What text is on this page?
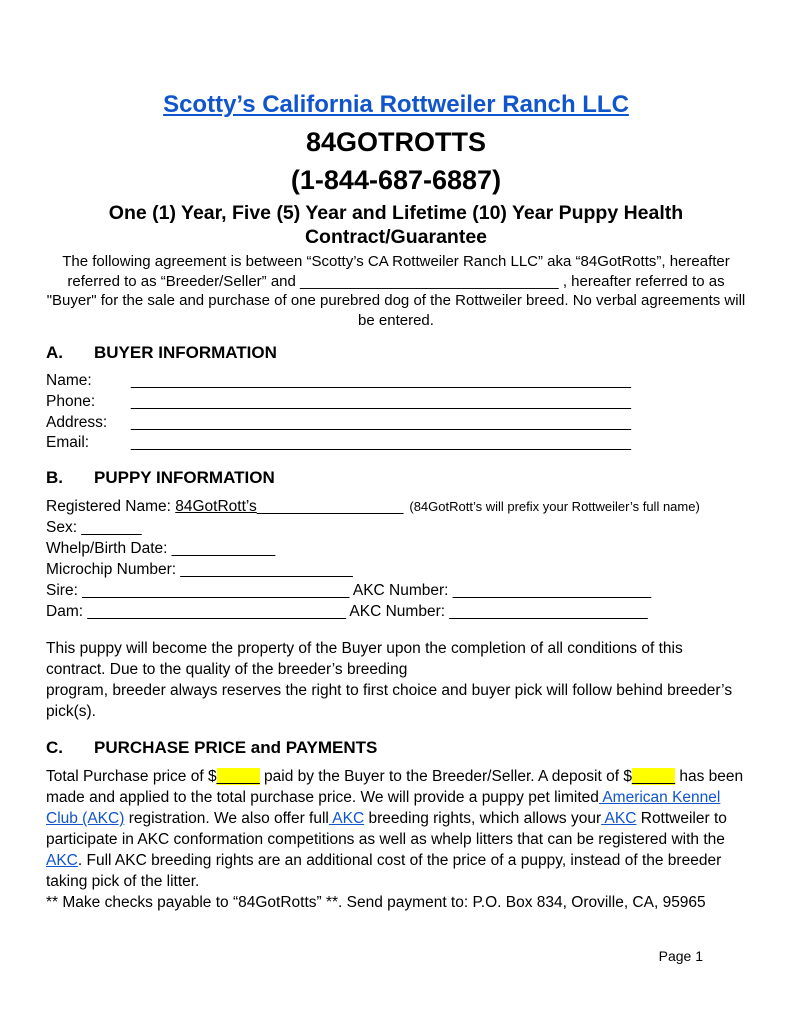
Scotty’s California Rottweiler Ranch LLC
84GOTROTTS
(1-844-687-6887)
One (1) Year, Five (5) Year and Lifetime (10) Year Puppy Health Contract/Guarantee
The following agreement is between “Scotty’s CA Rottweiler Ranch LLC” aka “84GotRotts”, hereafter referred to as “Breeder/Seller” and _______________________________ , hereafter referred to as "Buyer" for the sale and purchase of one purebred dog of the Rottweiler breed. No verbal agreements will be entered.
A.	BUYER INFORMATION
Name:	__________________________________________________________
Phone: __________________________________________________________
Address: __________________________________________________________
Email:	__________________________________________________________
B.	PUPPY INFORMATION
Registered Name: 84GotRott’s_________________ (84GotRott’s will prefix your Rottweiler’s full name)
Sex: _______
Whelp/Birth Date: ____________
Microchip Number: ____________________
Sire: _______________________________ AKC Number: _______________________
Dam: ______________________________ AKC Number: _______________________

This puppy will become the property of the Buyer upon the completion of all conditions of this contract. Due to the quality of the breeder’s breeding
program, breeder always reserves the right to first choice and buyer pick will follow behind breeder’s pick(s).

C.	PURCHASE PRICE and PAYMENTS

Total Purchase price of $_____ paid by the Buyer to the Breeder/Seller. A deposit of $_____ has been made and applied to the total purchase price. We will provide a puppy pet limited American Kennel Club (AKC) registration. We also offer full AKC breeding rights, which allows your AKC Rottweiler to participate in AKC conformation competitions as well as whelp litters that can be registered with the AKC. Full AKC breeding rights are an additional cost of the price of a puppy, instead of the breeder taking pick of the litter.

** Make checks payable to “84GotRotts” **. Send payment to: P.O. Box 834, Oroville, CA, 95965
Page 1
